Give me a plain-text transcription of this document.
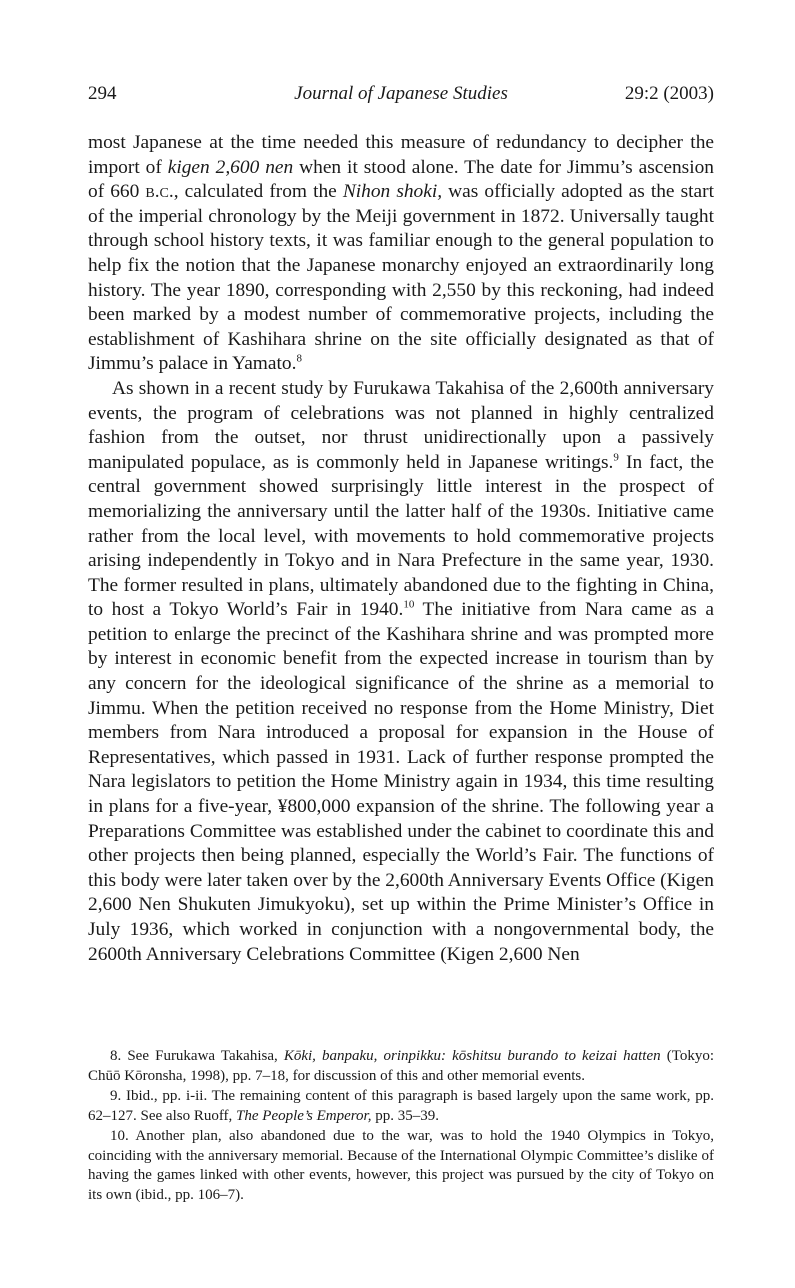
294	Journal of Japanese Studies	29:2 (2003)

most Japanese at the time needed this measure of redundancy to decipher the import of kigen 2,600 nen when it stood alone. The date for Jimmu’s ascension of 660 b.c., calculated from the Nihon shoki, was officially adopted as the start of the imperial chronology by the Meiji government in 1872. Universally taught through school history texts, it was familiar enough to the general population to help fix the notion that the Japanese monarchy enjoyed an extraordinarily long history. The year 1890, corresponding with 2,550 by this reckoning, had indeed been marked by a modest number of commemorative projects, including the establishment of Kashihara shrine on the site officially designated as that of Jimmu’s palace in Yamato.$^8$

As shown in a recent study by Furukawa Takahisa of the 2,600th anniversary events, the program of celebrations was not planned in highly centralized fashion from the outset, nor thrust unidirectionally upon a passively manipulated populace, as is commonly held in Japanese writings.$^9$ In fact, the central government showed surprisingly little interest in the prospect of memorializing the anniversary until the latter half of the 1930s. Initiative came rather from the local level, with movements to hold commemorative projects arising independently in Tokyo and in Nara Prefecture in the same year, 1930. The former resulted in plans, ultimately abandoned due to the fighting in China, to host a Tokyo World’s Fair in 1940.10 The initiative from Nara came as a petition to enlarge the precinct of the Kashihara shrine and was prompted more by interest in economic benefit from the expected increase in tourism than by any concern for the ideological significance of the shrine as a memorial to Jimmu. When the petition received no response from the Home Ministry, Diet members from Nara introduced a proposal for expansion in the House of Representatives, which passed in 1931. Lack of further response prompted the Nara legislators to petition the Home Ministry again in 1934, this time resulting in plans for a five-year, ¥800,000 expansion of the shrine. The following year a Preparations Committee was established under the cabinet to coordinate this and other projects then being planned, especially the World’s Fair. The functions of this body were later taken over by the 2,600th Anniversary Events Office (Kigen 2,600 Nen Shukuten Jimukyoku), set up within the Prime Minister’s Office in July 1936, which worked in conjunction with a nongovernmental body, the 2600th Anniversary Celebrations Committee (Kigen 2,600 Nen

8. See Furukawa Takahisa, Kōki, banpaku, orinpikku: kōshitsu burando to keizai hatten (Tokyo: Chūō Kōronsha, 1998), pp. 7–18, for discussion of this and other memorial events.

9. Ibid., pp. i-ii. The remaining content of this paragraph is based largely upon the same work, pp. 62–127. See also Ruoff, The People’s Emperor, pp. 35–39.

10. Another plan, also abandoned due to the war, was to hold the 1940 Olympics in Tokyo, coinciding with the anniversary memorial. Because of the International Olympic Committee’s dislike of having the games linked with other events, however, this project was pursued by the city of Tokyo on its own (ibid., pp. 106–7).
